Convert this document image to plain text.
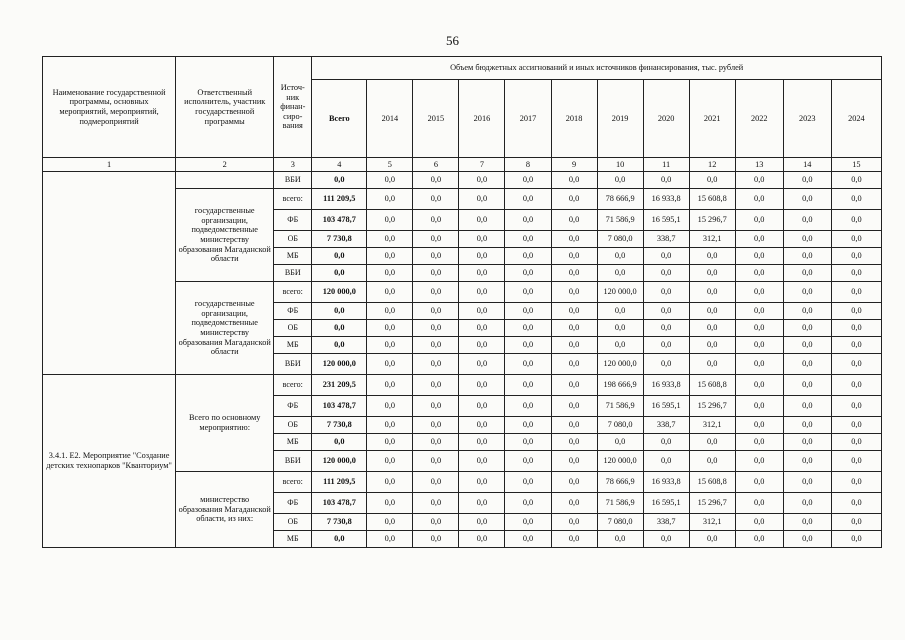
56
Наименование государственной программы, основных мероприятий, мероприятий, подмероприятий	Ответственный исполнитель, участник государственной программы	Источ-ник финан-сиро-вания	Объем бюджетных ассигнований и иных источников финансирования, тыс. рублей											
			Всего	2014	2015	2016	2017	2018	2019	2020	2021	2022	2023	2024
1	2	3	4	5	6	7	8	9	10	11	12	13	14	15
		ВБИ	0,0	0,0	0,0	0,0	0,0	0,0	0,0	0,0	0,0	0,0	0,0	0,0
	государственные организации, подведомственные министерству образования Магаданской области	всего:	111 209,5	0,0	0,0	0,0	0,0	0,0	78 666,9	16 933,8	15 608,8	0,0	0,0	0,0
		ФБ	103 478,7	0,0	0,0	0,0	0,0	0,0	71 586,9	16 595,1	15 296,7	0,0	0,0	0,0
		ОБ	7 730,8	0,0	0,0	0,0	0,0	0,0	7 080,0	338,7	312,1	0,0	0,0	0,0
		МБ	0,0	0,0	0,0	0,0	0,0	0,0	0,0	0,0	0,0	0,0	0,0	0,0
		ВБИ	0,0	0,0	0,0	0,0	0,0	0,0	0,0	0,0	0,0	0,0	0,0	0,0
	государственные организации, подведомственные министерству образования Магаданской области	всего:	120 000,0	0,0	0,0	0,0	0,0	0,0	120 000,0	0,0	0,0	0,0	0,0	0,0
		ФБ	0,0	0,0	0,0	0,0	0,0	0,0	0,0	0,0	0,0	0,0	0,0	0,0
		ОБ	0,0	0,0	0,0	0,0	0,0	0,0	0,0	0,0	0,0	0,0	0,0	0,0
		МБ	0,0	0,0	0,0	0,0	0,0	0,0	0,0	0,0	0,0	0,0	0,0	0,0
		ВБИ	120 000,0	0,0	0,0	0,0	0,0	0,0	120 000,0	0,0	0,0	0,0	0,0	0,0
3.4.1. Е2. Мероприятие "Создание детских технопарков "Кванториум"	Всего по основному мероприятию:	всего:	231 209,5	0,0	0,0	0,0	0,0	0,0	198 666,9	16 933,8	15 608,8	0,0	0,0	0,0
		ФБ	103 478,7	0,0	0,0	0,0	0,0	0,0	71 586,9	16 595,1	15 296,7	0,0	0,0	0,0
		ОБ	7 730,8	0,0	0,0	0,0	0,0	0,0	7 080,0	338,7	312,1	0,0	0,0	0,0
		МБ	0,0	0,0	0,0	0,0	0,0	0,0	0,0	0,0	0,0	0,0	0,0	0,0
		ВБИ	120 000,0	0,0	0,0	0,0	0,0	0,0	120 000,0	0,0	0,0	0,0	0,0	0,0
	министерство образования Магаданской области, из них:	всего:	111 209,5	0,0	0,0	0,0	0,0	0,0	78 666,9	16 933,8	15 608,8	0,0	0,0	0,0
		ФБ	103 478,7	0,0	0,0	0,0	0,0	0,0	71 586,9	16 595,1	15 296,7	0,0	0,0	0,0
		ОБ	7 730,8	0,0	0,0	0,0	0,0	0,0	7 080,0	338,7	312,1	0,0	0,0	0,0
		МБ	0,0	0,0	0,0	0,0	0,0	0,0	0,0	0,0	0,0	0,0	0,0	0,0
